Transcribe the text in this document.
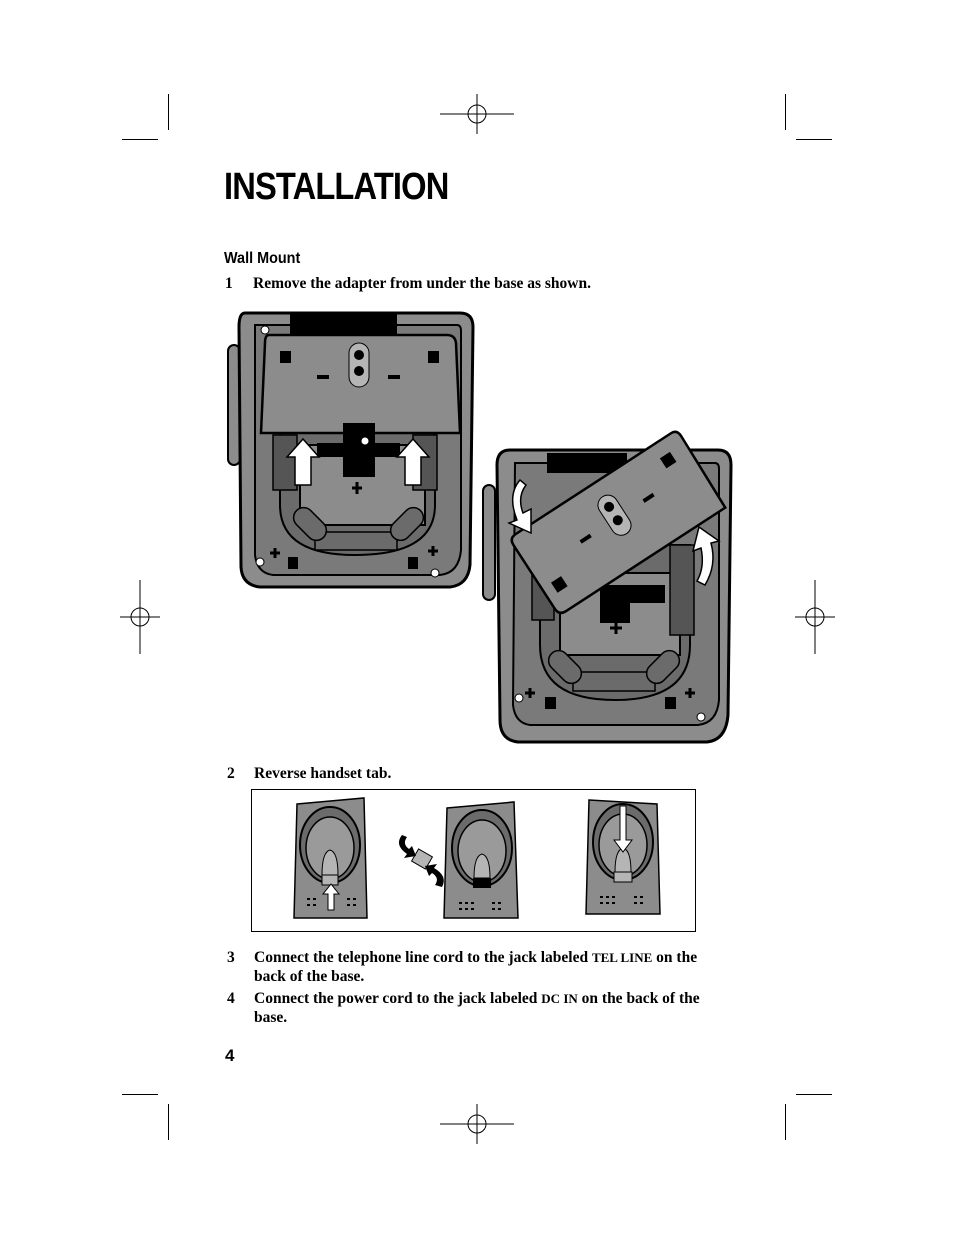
INSTALLATION
Wall Mount
1 Remove the adapter from under the base as shown.
2 Reverse handset tab.
3 Connect the telephone line cord to the jack labeled TEL LINE on the back of the base.
4 Connect the power cord to the jack labeled DC IN on the back of the base.
4
